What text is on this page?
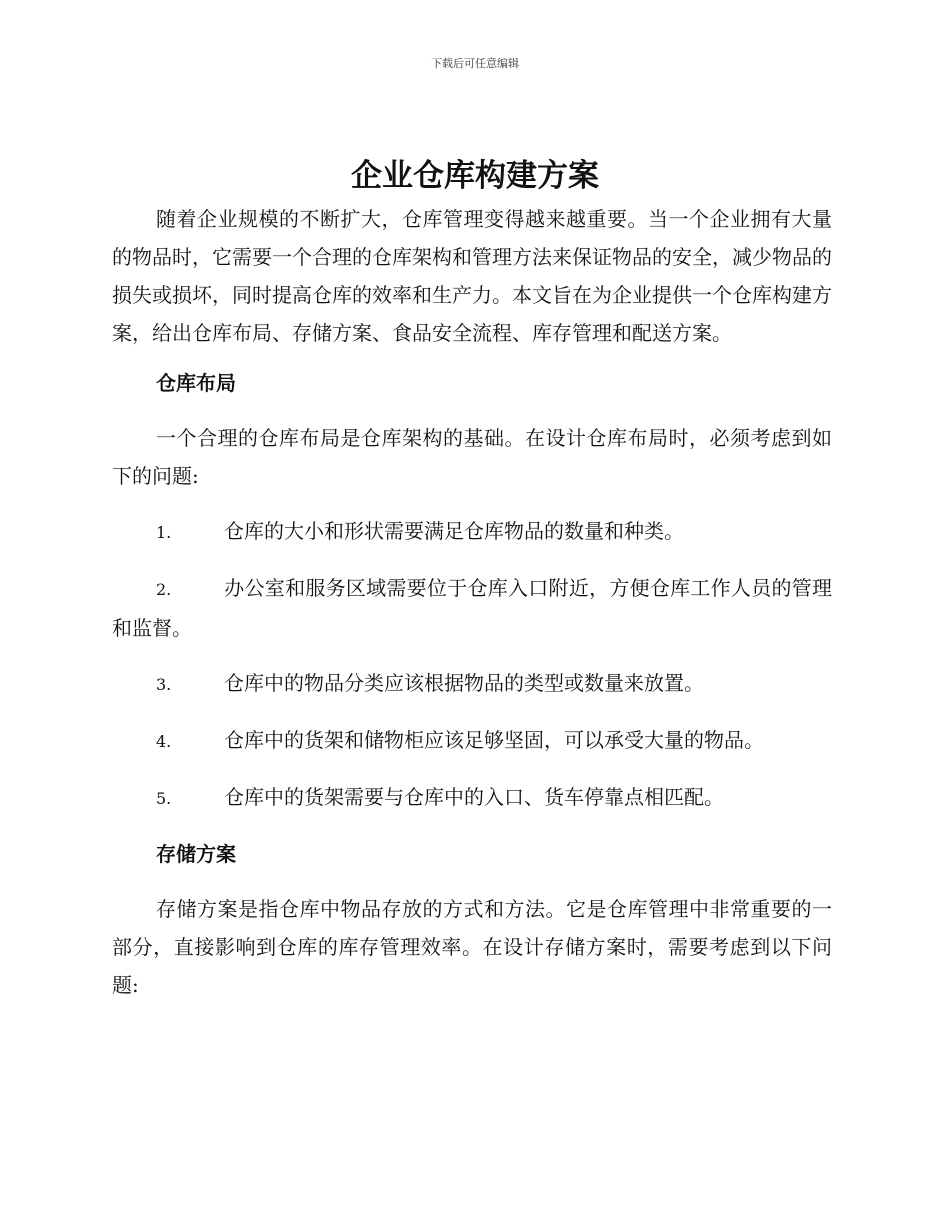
下载后可任意编辑
企业仓库构建方案

随着企业规模的不断扩大，仓库管理变得越来越重要。当一个企业拥有大量的物品时，它需要一个合理的仓库架构和管理方法来保证物品的安全，减少物品的损失或损坏，同时提高仓库的效率和生产力。本文旨在为企业提供一个仓库构建方案，给出仓库布局、存储方案、食品安全流程、库存管理和配送方案。

仓库布局

一个合理的仓库布局是仓库架构的基础。在设计仓库布局时，必须考虑到如下的问题:

1.	仓库的大小和形状需要满足仓库物品的数量和种类。

2.	办公室和服务区域需要位于仓库入口附近，方便仓库工作人员的管理和监督。

3.	仓库中的物品分类应该根据物品的类型或数量来放置。

4.	仓库中的货架和储物柜应该足够坚固，可以承受大量的物品。

5.	仓库中的货架需要与仓库中的入口、货车停靠点相匹配。

存储方案

存储方案是指仓库中物品存放的方式和方法。它是仓库管理中非常重要的一部分，直接影响到仓库的库存管理效率。在设计存储方案时，需要考虑到以下问题:
